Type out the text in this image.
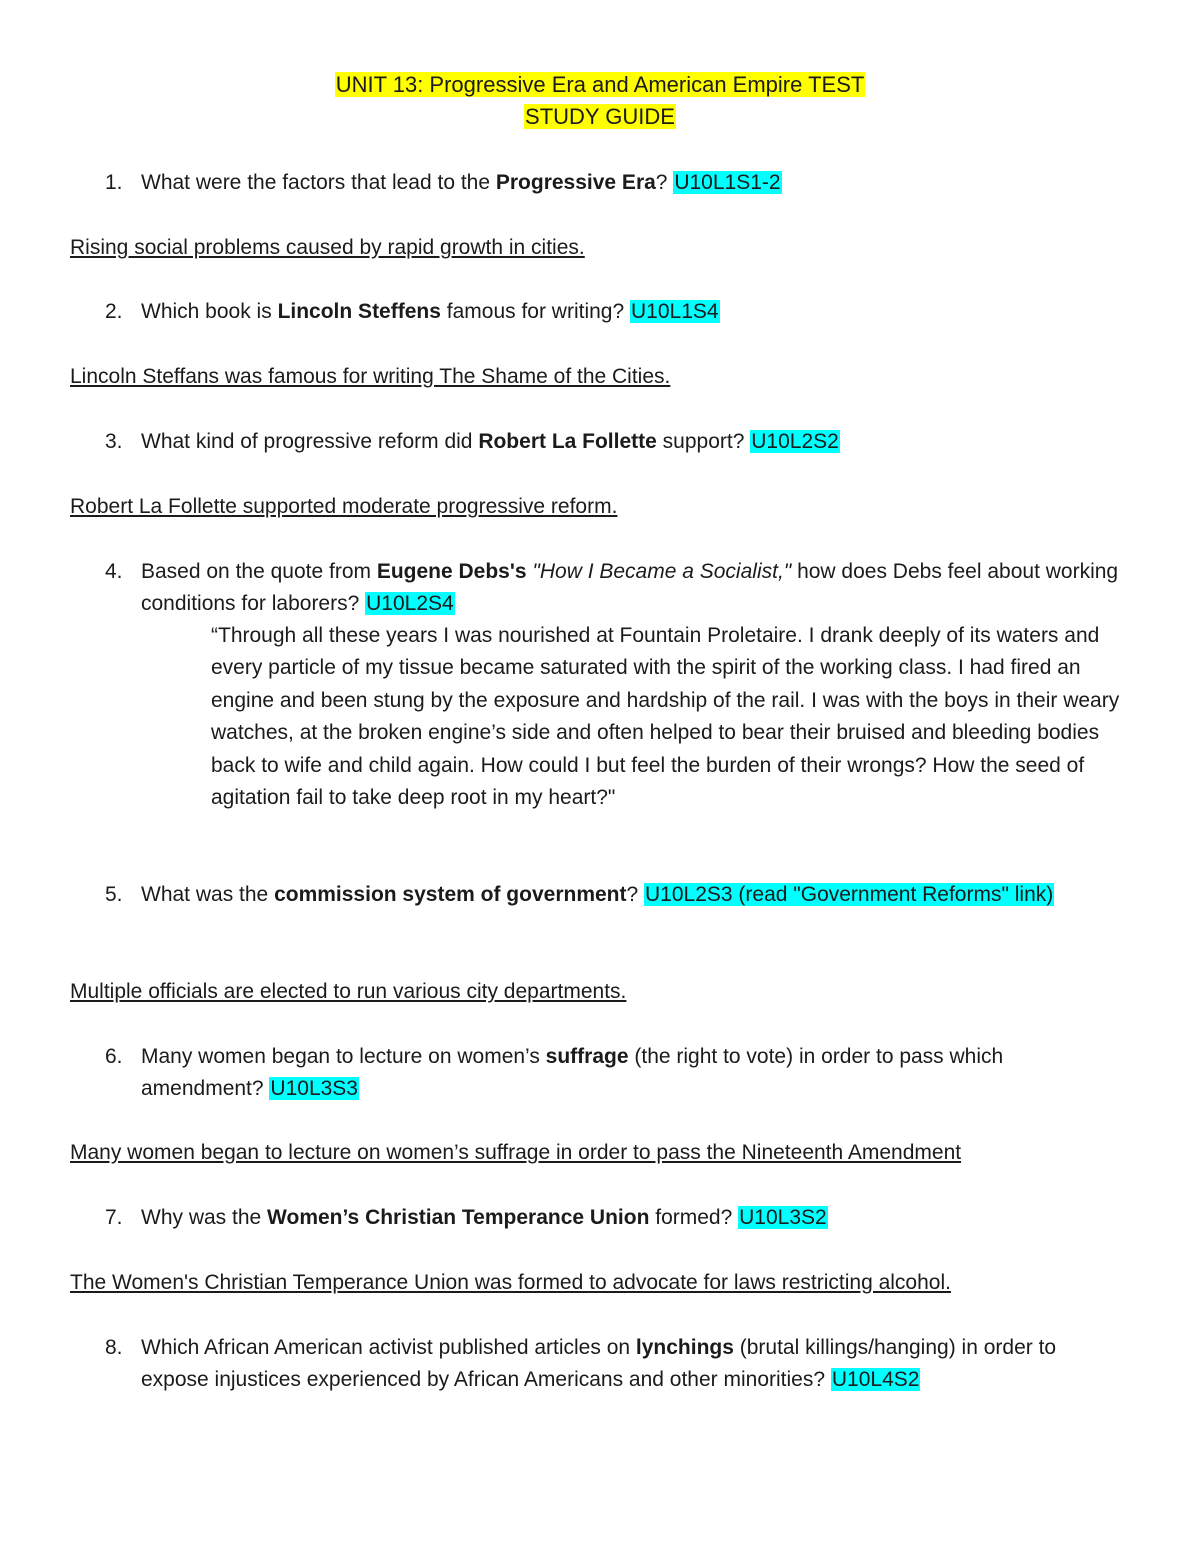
UNIT 13: Progressive Era and American Empire TEST
STUDY GUIDE
1. What were the factors that lead to the Progressive Era? U10L1S1-2
Rising social problems caused by rapid growth in cities.
2. Which book is Lincoln Steffens famous for writing? U10L1S4
Lincoln Steffans was famous for writing The Shame of the Cities.
3. What kind of progressive reform did Robert La Follette support? U10L2S2
Robert La Follette supported moderate progressive reform.
4. Based on the quote from Eugene Debs's "How I Became a Socialist," how does Debs feel about working conditions for laborers? U10L2S4
“Through all these years I was nourished at Fountain Proletaire. I drank deeply of its waters and every particle of my tissue became saturated with the spirit of the working class. I had fired an engine and been stung by the exposure and hardship of the rail. I was with the boys in their weary watches, at the broken engine’s side and often helped to bear their bruised and bleeding bodies back to wife and child again. How could I but feel the burden of their wrongs? How the seed of agitation fail to take deep root in my heart?"
5. What was the commission system of government? U10L2S3 (read "Government Reforms" link)
Multiple officials are elected to run various city departments.
6. Many women began to lecture on women’s suffrage (the right to vote) in order to pass which amendment? U10L3S3
Many women began to lecture on women’s suffrage in order to pass the Nineteenth Amendment
7. Why was the Women’s Christian Temperance Union formed? U10L3S2
The Women's Christian Temperance Union was formed to advocate for laws restricting alcohol.
8. Which African American activist published articles on lynchings (brutal killings/hanging) in order to expose injustices experienced by African Americans and other minorities? U10L4S2
